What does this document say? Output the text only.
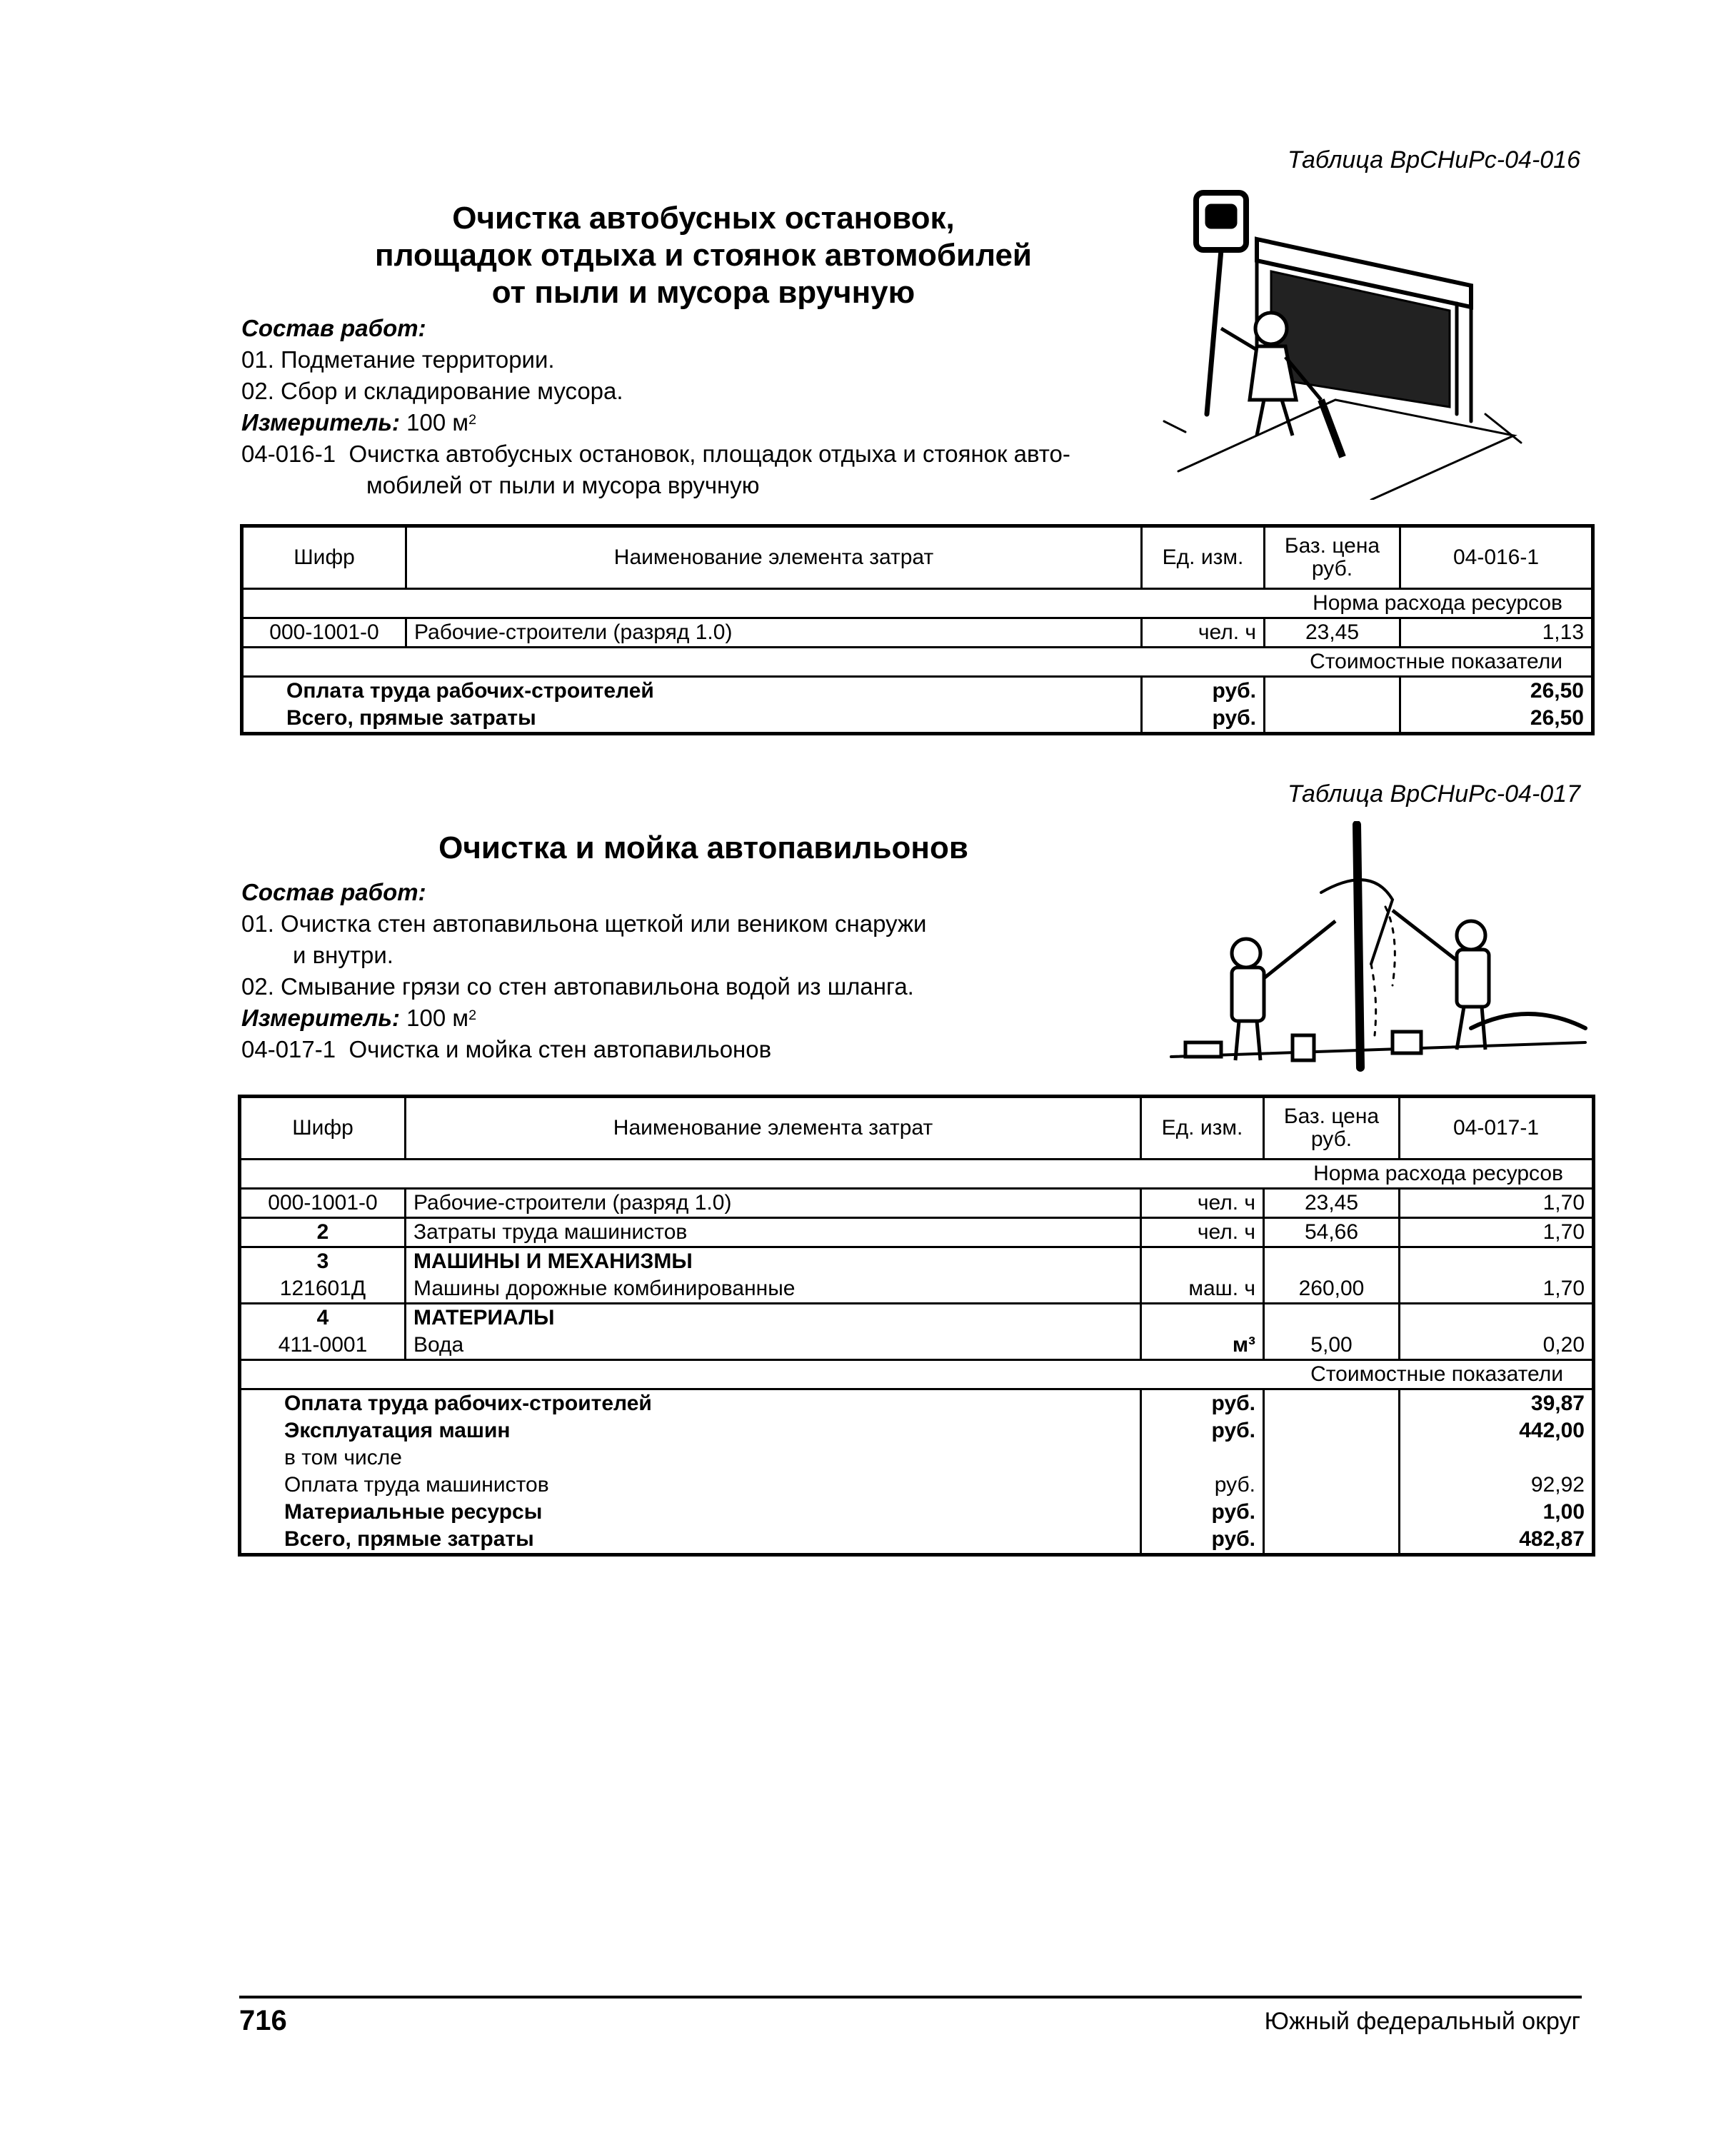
Таблица ВрСНиРс-04-016
Очистка автобусных остановок,
площадок отдыха и стоянок автомобилей
от пыли и мусора вручную
Состав работ:
01. Подметание территории.
02. Сбор и складирование мусора.
Измеритель: 100 $м^2$
04-016-1 Очистка автобусных остановок, площадок отдыха и стоянок авто-
мобилей от пыли и мусора вручную
Шифр	Наименование элемента затрат	Ед. изм.	Баз. цена руб.	04-016-1
Норма расхода ресурсов				
000-1001-0	Рабочие-строители (разряд 1.0)	чел. ч	23,45	1,13
Стоимостные показатели				
Оплата труда рабочих-строителей		руб.		26,50
Всего, прямые затраты		руб.		26,50
Таблица ВрСНиРс-04-017
Очистка и мойка автопавильонов
Состав работ:
01. Очистка стен автопавильона щеткой или веником снаружи
и внутри.
02. Смывание грязи со стен автопавильона водой из шланга.
Измеритель: 100 $м^2$
04-017-1 Очистка и мойка стен автопавильонов
Шифр	Наименование элемента затрат	Ед. изм.	Баз. цена руб.	04-017-1
Норма расхода ресурсов				
000-1001-0	Рабочие-строители (разряд 1.0)	чел. ч	23,45	1,70
2	Затраты труда машинистов	чел. ч	54,66	1,70
3	МАШИНЫ И МЕХАНИЗМЫ			
121601Д	Машины дорожные комбинированные	маш. ч	260,00	1,70
4	МАТЕРИАЛЫ			
411-0001	Вода	м³	5,00	0,20
Стоимостные показатели				
Оплата труда рабочих-строителей		руб.		39,87
Эксплуатация машин		руб.		442,00
в том числе				
Оплата труда машинистов		руб.		92,92
Материальные ресурсы		руб.		1,00
Всего, прямые затраты		руб.		482,87
716	Южный федеральный округ
